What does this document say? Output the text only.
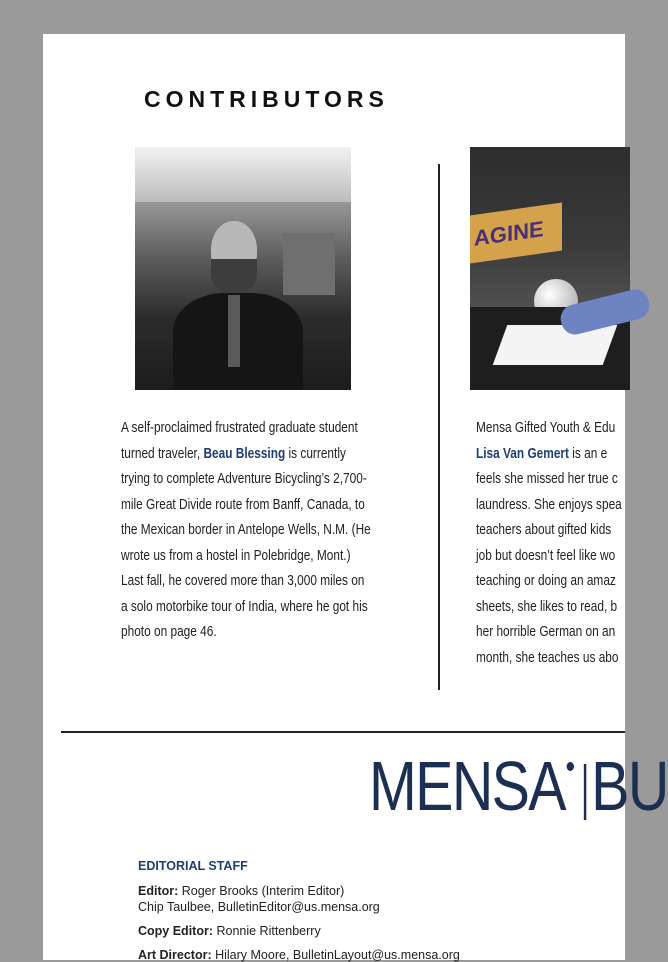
CONTRIBUTORS
AGINE
A self-proclaimed frustrated graduate student
turned traveler, Beau Blessing is currently
trying to complete Adventure Bicycling’s 2,700-
mile Great Divide route from Banff, Canada, to
the Mexican border in Antelope Wells, N.M. (He
wrote us from a hostel in Polebridge, Mont.)
Last fall, he covered more than 3,000 miles on
a solo motorbike tour of India, where he got his
photo on page 46.
Mensa Gifted Youth & Edu
Lisa Van Gemert is an e
feels she missed her true c
laundress. She enjoys spea
teachers about gifted kids
job but doesn’t feel like wo
teaching or doing an amaz
sheets, she likes to read, b
her horrible German on an
month, she teaches us abo
MENSA BU
EDITORIAL STAFF
Editor: Roger Brooks (Interim Editor)
Chip Taulbee, BulletinEditor@us.mensa.org
Copy Editor: Ronnie Rittenberry
Art Director: Hilary Moore, BulletinLayout@us.mensa.org
